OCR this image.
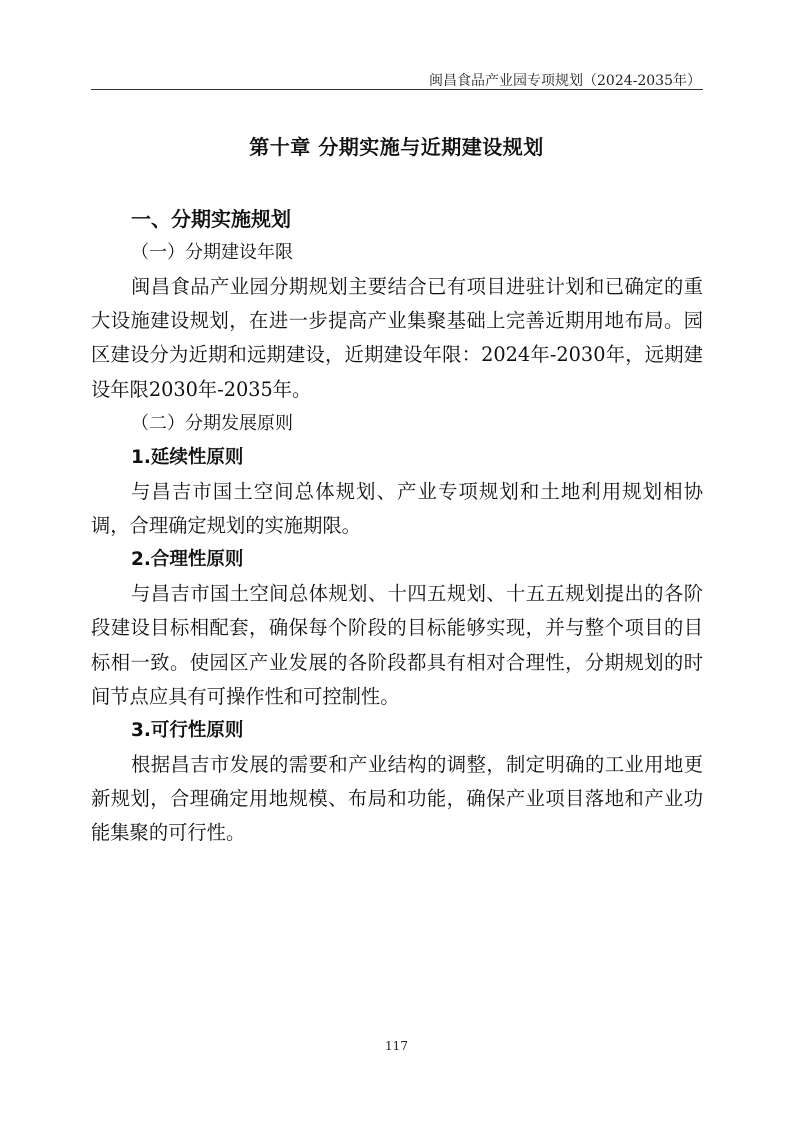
闽昌食品产业园专项规划（2024-2035年）
第十章 分期实施与近期建设规划
一、分期实施规划
（一）分期建设年限

闽昌食品产业园分期规划主要结合已有项目进驻计划和已确定的重大设施建设规划，在进一步提高产业集聚基础上完善近期用地布局。园区建设分为近期和远期建设，近期建设年限：2024年-2030年，远期建设年限2030年-2035年。

（二）分期发展原则
1.延续性原则

与昌吉市国土空间总体规划、产业专项规划和土地利用规划相协调，合理确定规划的实施期限。

2.合理性原则

与昌吉市国土空间总体规划、十四五规划、十五五规划提出的各阶段建设目标相配套，确保每个阶段的目标能够实现，并与整个项目的目标相一致。使园区产业发展的各阶段都具有相对合理性，分期规划的时间节点应具有可操作性和可控制性。

3.可行性原则

根据昌吉市发展的需要和产业结构的调整，制定明确的工业用地更新规划，合理确定用地规模、布局和功能，确保产业项目落地和产业功能集聚的可行性。

117
